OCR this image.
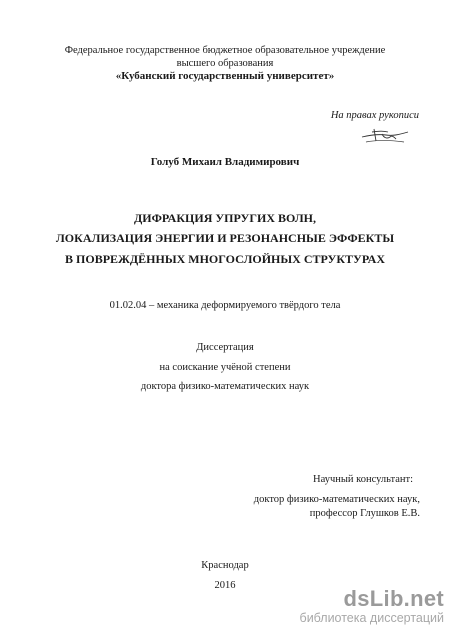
Федеральное государственное бюджетное образовательное учреждение
высшего образования
«Кубанский государственный университет»
На правах рукописи
Голуб Михаил Владимирович
ДИФРАКЦИЯ УПРУГИХ ВОЛН,
ЛОКАЛИЗАЦИЯ ЭНЕРГИИ И РЕЗОНАНСНЫЕ ЭФФЕКТЫ
В ПОВРЕЖДЁННЫХ МНОГОСЛОЙНЫХ СТРУКТУРАХ
01.02.04 – механика деформируемого твёрдого тела
Диссертация
на соискание учёной степени
доктора физико-математических наук
Научный консультант:
доктор физико-математических наук,
профессор Глушков Е.В.
Краснодар
2016
dsLib.net
библиотека диссертаций
